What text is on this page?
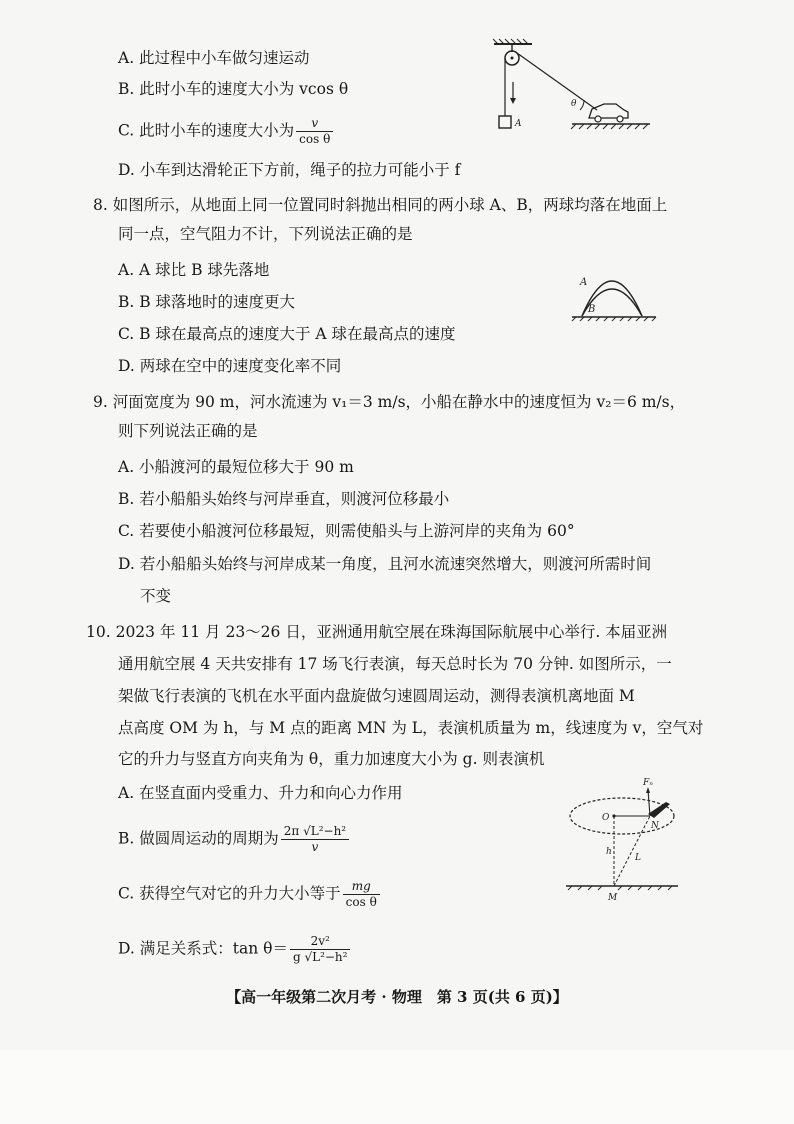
A. 此过程中小车做匀速运动
B. 此时小车的速度大小为 vcos θ
C. 此时小车的速度大小为 $\frac{v}{\text{cos θ}}$
D. 小车到达滑轮正下方前，绳子的拉力可能小于 f
A
θ
8. 如图所示，从地面上同一位置同时斜抛出相同的两小球 A、B，两球均落在地面上
同一点，空气阻力不计，下列说法正确的是
A. A 球比 B 球先落地
B. B 球落地时的速度更大
C. B 球在最高点的速度大于 A 球在最高点的速度
D. 两球在空中的速度变化率不同
A
B
9. 河面宽度为 90 m，河水流速为 v₁＝3 m/s，小船在静水中的速度恒为 v₂＝6 m/s，
则下列说法正确的是
A. 小船渡河的最短位移大于 90 m
B. 若小船船头始终与河岸垂直，则渡河位移最小
C. 若要使小船渡河位移最短，则需使船头与上游河岸的夹角为 60°
D. 若小船船头始终与河岸成某一角度，且河水流速突然增大，则渡河所需时间
不变
10. 2023 年 11 月 23～26 日，亚洲通用航空展在珠海国际航展中心举行. 本届亚洲
通用航空展 4 天共安排有 17 场飞行表演，每天总时长为 70 分钟. 如图所示，一
架做飞行表演的飞机在水平面内盘旋做匀速圆周运动，测得表演机离地面 M
点高度 OM 为 h，与 M 点的距离 MN 为 L，表演机质量为 m，线速度为 v，空气对
它的升力与竖直方向夹角为 θ，重力加速度大小为 g. 则表演机
A. 在竖直面内受重力、升力和向心力作用
B. 做圆周运动的周期为 $\frac{\text{2π √L²−h²}}{v}$
C. 获得空气对它的升力大小等于 $\frac{mg}{\text{cos θ}}$
D. 满足关系式：$\tan \theta= \frac{\text{2v²}}{\text{g √L²−h²}}$
O
Fₙ
N
h
L
M
【高一年级第二次月考 · 物理　第 3 页(共 6 页)】
